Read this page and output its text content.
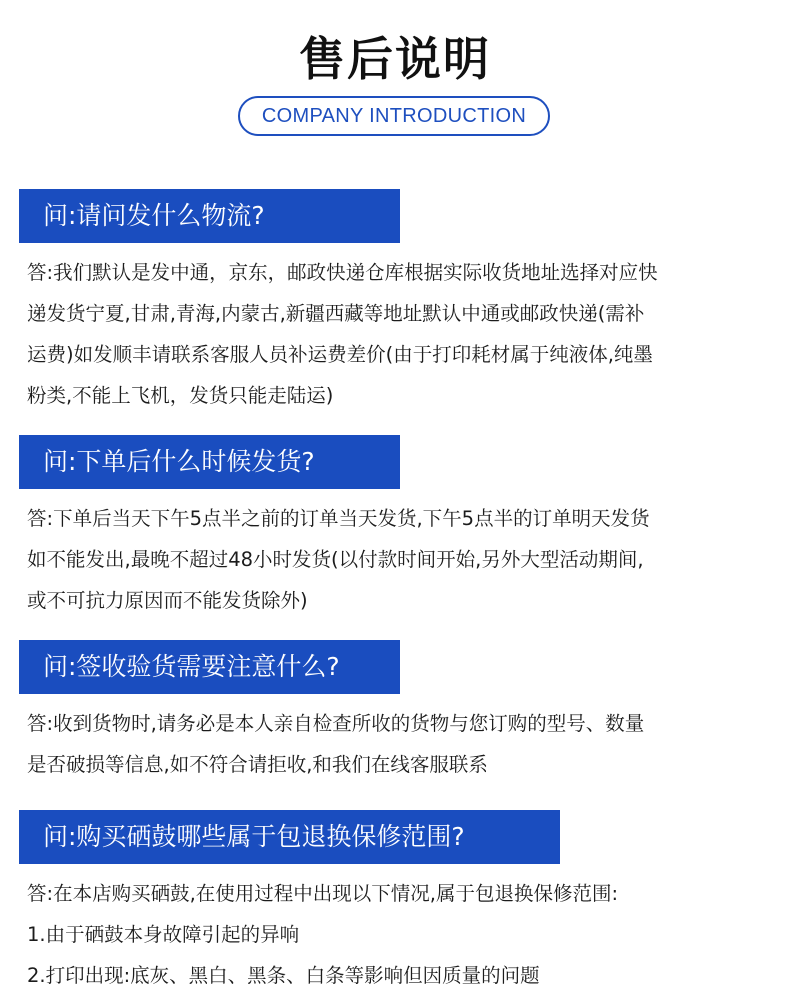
售后说明
COMPANY INTRODUCTION
问:请问发什么物流?
答:我们默认是发中通，京东，邮政快递仓库根据实际收货地址选择对应快
递发货宁夏,甘肃,青海,内蒙古,新疆西藏等地址默认中通或邮政快递(需补
运费)如发顺丰请联系客服人员补运费差价(由于打印耗材属于纯液体,纯墨
粉类,不能上飞机，发货只能走陆运)
问:下单后什么时候发货?
答:下单后当天下午5点半之前的订单当天发货,下午5点半的订单明天发货
如不能发出,最晚不超过48小时发货(以付款时间开始,另外大型活动期间,
或不可抗力原因而不能发货除外)
问:签收验货需要注意什么?
答:收到货物时,请务必是本人亲自检查所收的货物与您订购的型号、数量
是否破损等信息,如不符合请拒收,和我们在线客服联系
问:购买硒鼓哪些属于包退换保修范围?
答:在本店购买硒鼓,在使用过程中出现以下情况,属于包退换保修范围:
1.由于硒鼓本身故障引起的异响
2.打印出现:底灰、黑白、黑条、白条等影响但因质量的问题
